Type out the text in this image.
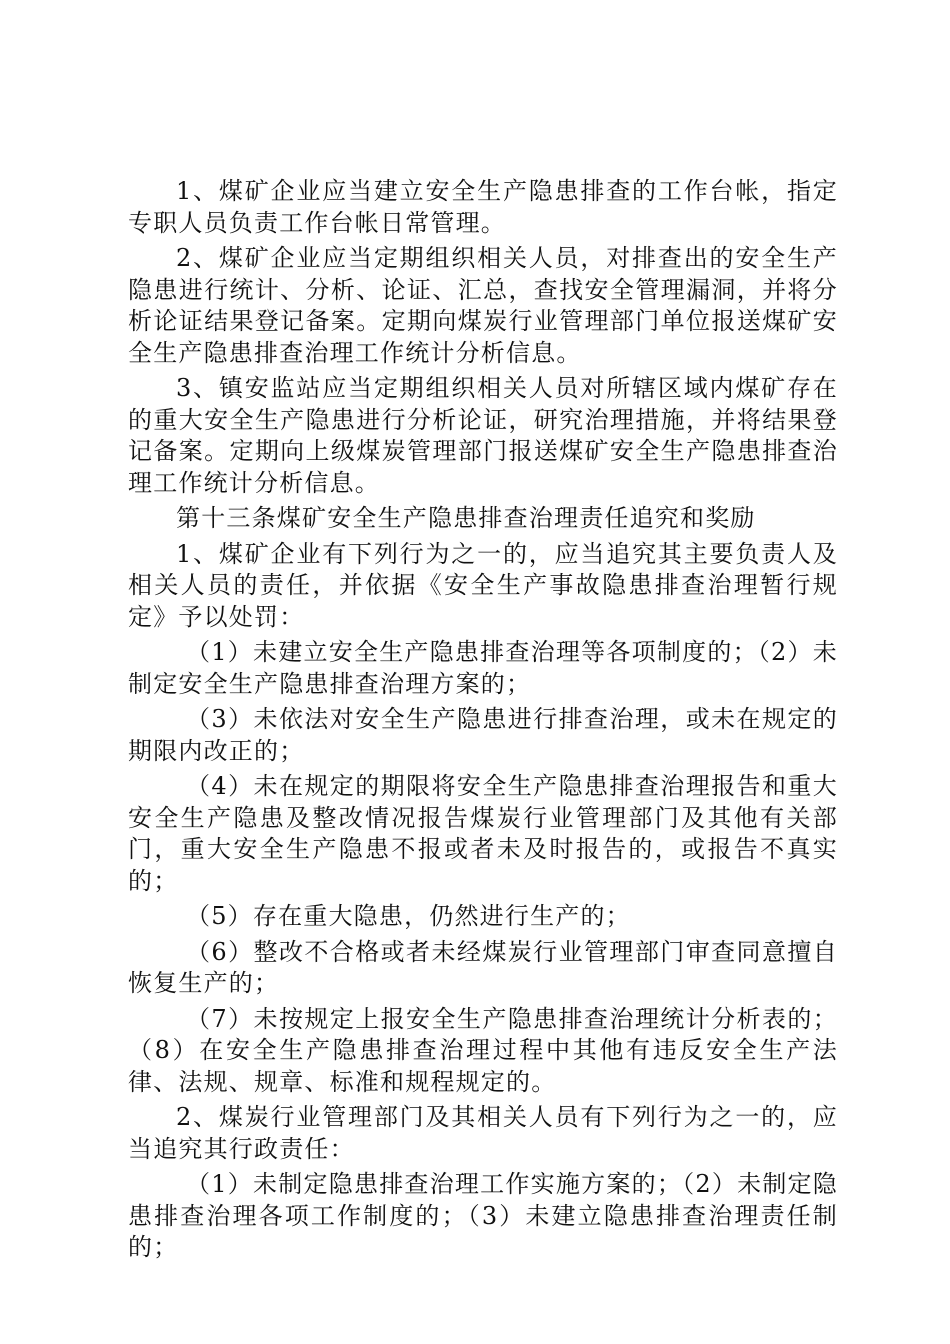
1、煤矿企业应当建立安全生产隐患排查的工作台帐，指定专职人员负责工作台帐日常管理。

2、煤矿企业应当定期组织相关人员，对排查出的安全生产隐患进行统计、分析、论证、汇总，查找安全管理漏洞，并将分析论证结果登记备案。定期向煤炭行业管理部门单位报送煤矿安全生产隐患排查治理工作统计分析信息。

3、镇安监站应当定期组织相关人员对所辖区域内煤矿存在的重大安全生产隐患进行分析论证，研究治理措施，并将结果登记备案。定期向上级煤炭管理部门报送煤矿安全生产隐患排查治理工作统计分析信息。

第十三条煤矿安全生产隐患排查治理责任追究和奖励

1、煤矿企业有下列行为之一的，应当追究其主要负责人及相关人员的责任，并依据《安全生产事故隐患排查治理暂行规定》予以处罚：

（1）未建立安全生产隐患排查治理等各项制度的；（2）未制定安全生产隐患排查治理方案的；

（3）未依法对安全生产隐患进行排查治理，或未在规定的期限内改正的；

（4）未在规定的期限将安全生产隐患排查治理报告和重大安全生产隐患及整改情况报告煤炭行业管理部门及其他有关部门，重大安全生产隐患不报或者未及时报告的，或报告不真实的；

（5）存在重大隐患，仍然进行生产的；

（6）整改不合格或者未经煤炭行业管理部门审查同意擅自恢复生产的；

（7）未按规定上报安全生产隐患排查治理统计分析表的；（8）在安全生产隐患排查治理过程中其他有违反安全生产法律、法规、规章、标准和规程规定的。

2、煤炭行业管理部门及其相关人员有下列行为之一的，应当追究其行政责任：

（1）未制定隐患排查治理工作实施方案的；（2）未制定隐患排查治理各项工作制度的；（3）未建立隐患排查治理责任制的；
